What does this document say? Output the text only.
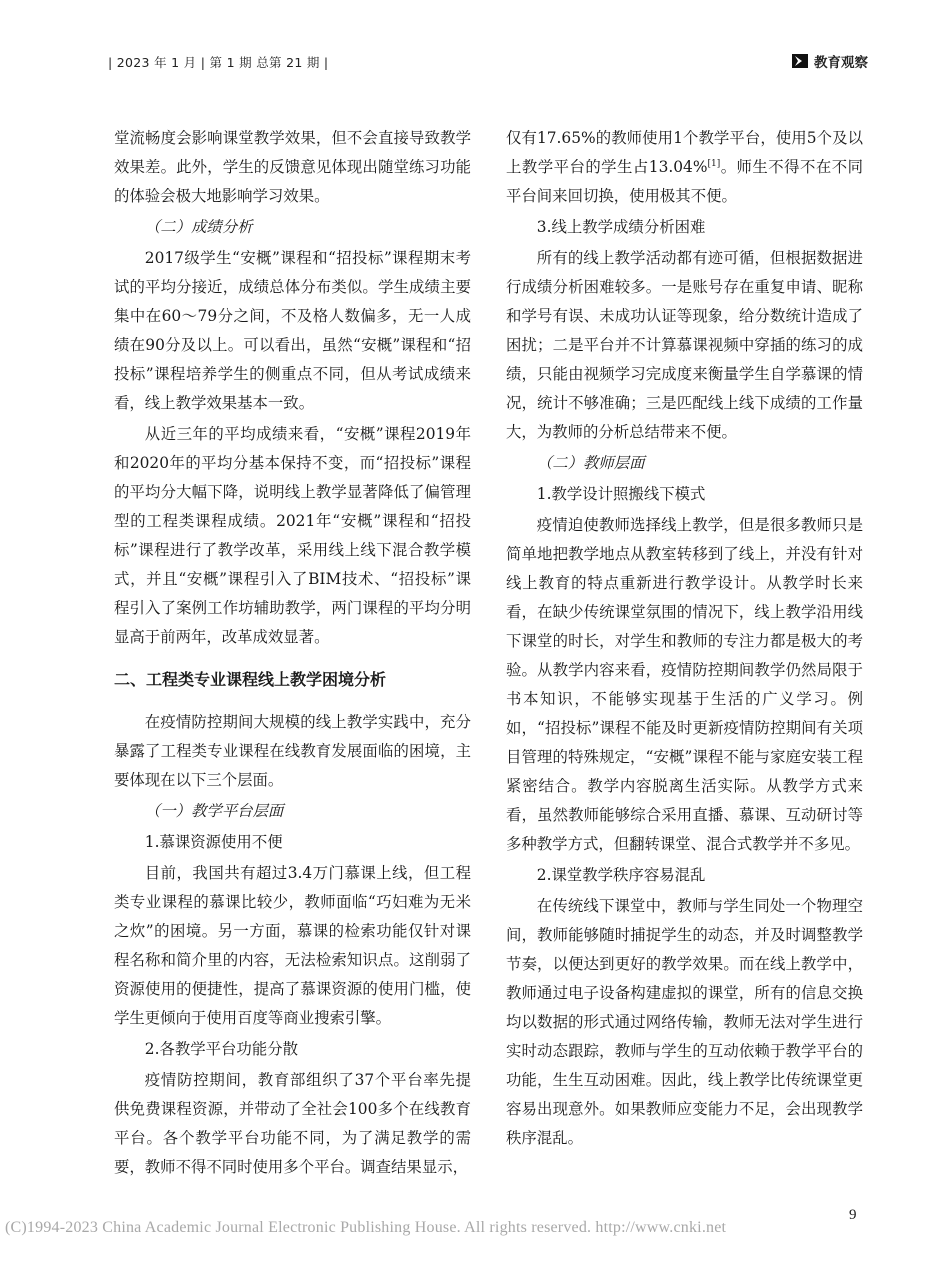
| 2023 年 1 月 | 第 1 期 总第 21 期 |	教育观察

堂流畅度会影响课堂教学效果，但不会直接导致教学效果差。此外，学生的反馈意见体现出随堂练习功能的体验会极大地影响学习效果。

（二）成绩分析

2017级学生“安概”课程和“招投标”课程期末考试的平均分接近，成绩总体分布类似。学生成绩主要集中在60～79分之间，不及格人数偏多，无一人成绩在90分及以上。可以看出，虽然“安概”课程和“招投标”课程培养学生的侧重点不同，但从考试成绩来看，线上教学效果基本一致。

从近三年的平均成绩来看，“安概”课程2019年和2020年的平均分基本保持不变，而“招投标”课程的平均分大幅下降，说明线上教学显著降低了偏管理型的工程类课程成绩。2021年“安概”课程和“招投标”课程进行了教学改革，采用线上线下混合教学模式，并且“安概”课程引入了BIM技术、“招投标”课程引入了案例工作坊辅助教学，两门课程的平均分明显高于前两年，改革成效显著。

二、工程类专业课程线上教学困境分析

在疫情防控期间大规模的线上教学实践中，充分暴露了工程类专业课程在线教育发展面临的困境，主要体现在以下三个层面。

（一）教学平台层面

1.慕课资源使用不便

目前，我国共有超过3.4万门慕课上线，但工程类专业课程的慕课比较少，教师面临“巧妇难为无米之炊”的困境。另一方面，慕课的检索功能仅针对课程名称和简介里的内容，无法检索知识点。这削弱了资源使用的便捷性，提高了慕课资源的使用门槛，使学生更倾向于使用百度等商业搜索引擎。

2.各教学平台功能分散

疫情防控期间，教育部组织了37个平台率先提供免费课程资源，并带动了全社会100多个在线教育平台。各个教学平台功能不同，为了满足教学的需要，教师不得不同时使用多个平台。调查结果显示，

仅有17.65%的教师使用1个教学平台，使用5个及以上教学平台的学生占13.04%[1]。师生不得不在不同平台间来回切换，使用极其不便。

3.线上教学成绩分析困难

所有的线上教学活动都有迹可循，但根据数据进行成绩分析困难较多。一是账号存在重复申请、昵称和学号有误、未成功认证等现象，给分数统计造成了困扰；二是平台并不计算慕课视频中穿插的练习的成绩，只能由视频学习完成度来衡量学生自学慕课的情况，统计不够准确；三是匹配线上线下成绩的工作量大，为教师的分析总结带来不便。

（二）教师层面

1.教学设计照搬线下模式

疫情迫使教师选择线上教学，但是很多教师只是简单地把教学地点从教室转移到了线上，并没有针对线上教育的特点重新进行教学设计。从教学时长来看，在缺少传统课堂氛围的情况下，线上教学沿用线下课堂的时长，对学生和教师的专注力都是极大的考验。从教学内容来看，疫情防控期间教学仍然局限于书本知识，不能够实现基于生活的广义学习。例如，“招投标”课程不能及时更新疫情防控期间有关项目管理的特殊规定，“安概”课程不能与家庭安装工程紧密结合。教学内容脱离生活实际。从教学方式来看，虽然教师能够综合采用直播、慕课、互动研讨等多种教学方式，但翻转课堂、混合式教学并不多见。

2.课堂教学秩序容易混乱

在传统线下课堂中，教师与学生同处一个物理空间，教师能够随时捕捉学生的动态，并及时调整教学节奏，以便达到更好的教学效果。而在线上教学中，教师通过电子设备构建虚拟的课堂，所有的信息交换均以数据的形式通过网络传输，教师无法对学生进行实时动态跟踪，教师与学生的互动依赖于教学平台的功能，生生互动困难。因此，线上教学比传统课堂更容易出现意外。如果教师应变能力不足，会出现教学秩序混乱。

9
(C)1994-2023 China Academic Journal Electronic Publishing House. All rights reserved. http://www.cnki.net
